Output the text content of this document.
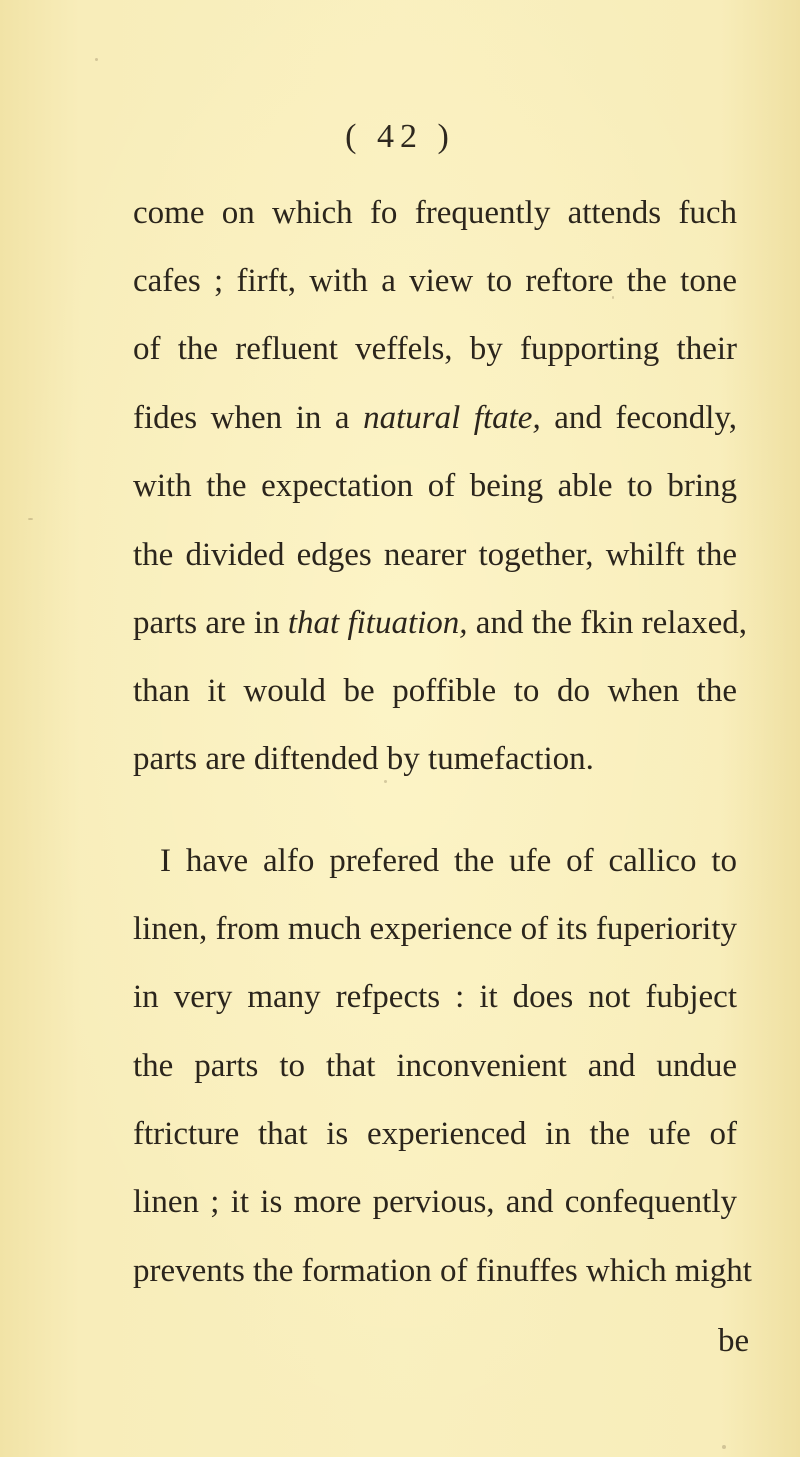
( 42 )
come on which fo frequently attends fuch
cafes ; firft, with a view to reftore the tone
of the refluent veffels, by fupporting their
fides when in a natural ftate, and fecondly,
with the expectation of being able to bring
the divided edges nearer together, whilft the
parts are in that fituation, and the fkin relaxed,
than it would be poffible to do when the
parts are diftended by tumefaction.
I have alfo prefered the ufe of callico to
linen, from much experience of its fuperiority
in very many refpects : it does not fubject
the parts to that inconvenient and undue
ftricture that is experienced in the ufe of
linen ; it is more pervious, and confequently
prevents the formation of finuffes which might
be
